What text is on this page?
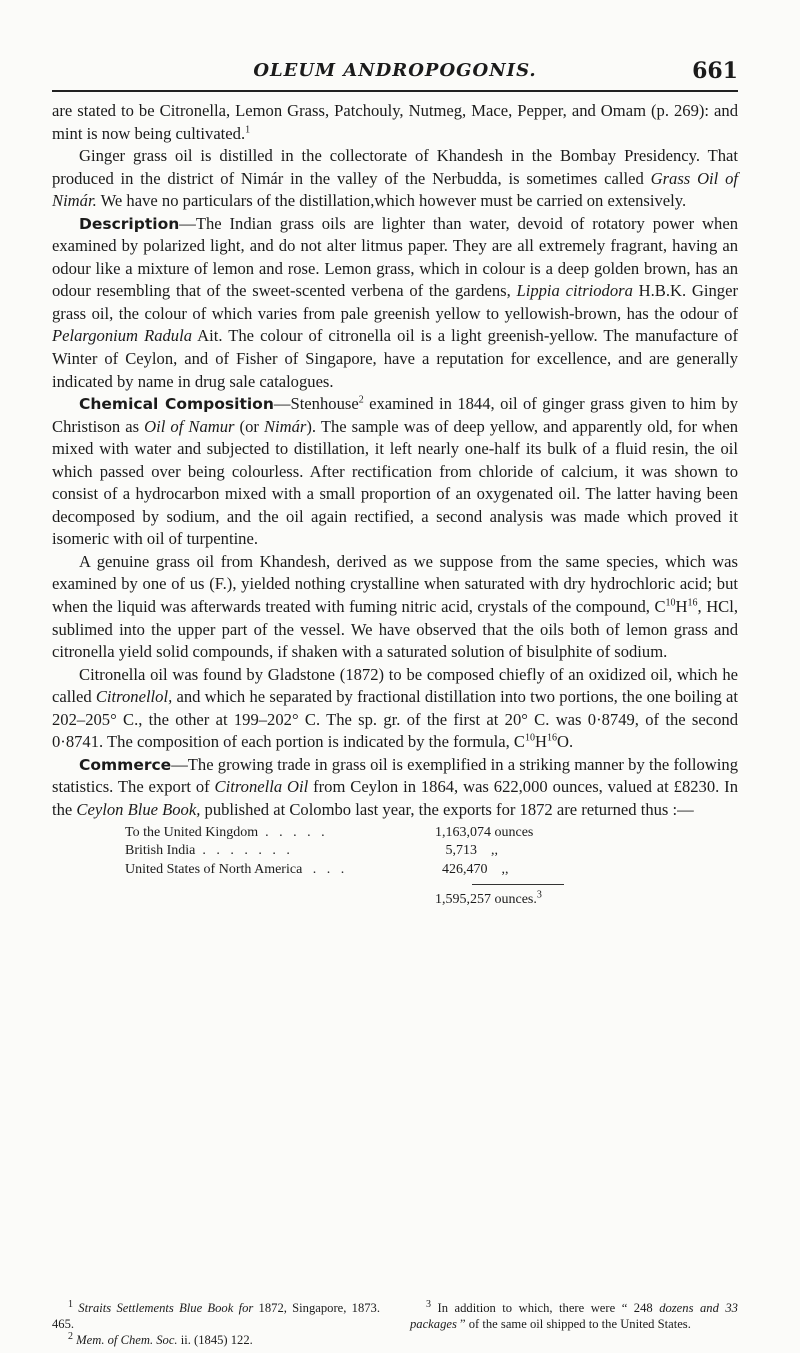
OLEUM ANDROPOGONIS.	661

are stated to be Citronella, Lemon Grass, Patchouly, Nutmeg, Mace, Pepper, and Omam (p. 269): and mint is now being cultivated.$^1$

Ginger grass oil is distilled in the collectorate of Khandesh in the Bombay Presidency. That produced in the district of Nimár in the valley of the Nerbudda, is sometimes called Grass Oil of Nimár. We have no particulars of the distillation,which however must be carried on extensively.

Description—The Indian grass oils are lighter than water, devoid of rotatory power when examined by polarized light, and do not alter litmus paper. They are all extremely fragrant, having an odour like a mixture of lemon and rose. Lemon grass, which in colour is a deep golden brown, has an odour resembling that of the sweet-scented verbena of the gardens, Lippia citriodora H.B.K. Ginger grass oil, the colour of which varies from pale greenish yellow to yellowish-brown, has the odour of Pelargonium Radula Ait. The colour of citronella oil is a light greenish-yellow. The manufacture of Winter of Ceylon, and of Fisher of Singapore, have a reputation for excellence, and are generally indicated by name in drug sale catalogues.

Chemical Composition—Stenhouse$^2$ examined in 1844, oil of ginger grass given to him by Christison as Oil of Namur (or Nimár). The sample was of deep yellow, and apparently old, for when mixed with water and subjected to distillation, it left nearly one-half its bulk of a fluid resin, the oil which passed over being colourless. After rectification from chloride of calcium, it was shown to consist of a hydrocarbon mixed with a small proportion of an oxygenated oil. The latter having been decomposed by sodium, and the oil again rectified, a second analysis was made which proved it isomeric with oil of turpentine.

A genuine grass oil from Khandesh, derived as we suppose from the same species, which was examined by one of us (F.), yielded nothing crystalline when saturated with dry hydrochloric acid; but when the liquid was afterwards treated with fuming nitric acid, crystals of the compound, $C^{10}H^{16}$, HCl, sublimed into the upper part of the vessel. We have observed that the oils both of lemon grass and citronella yield solid compounds, if shaken with a saturated solution of bisulphite of sodium.

Citronella oil was found by Gladstone (1872) to be composed chiefly of an oxidized oil, which he called Citronellol, and which he separated by fractional distillation into two portions, the one boiling at 202–205° C., the other at 199–202° C. The sp. gr. of the first at 20° C. was 0·8749, of the second 0·8741. The composition of each portion is indicated by the formula, $C^{10}H^{16}O$.

Commerce—The growing trade in grass oil is exemplified in a striking manner by the following statistics. The export of Citronella Oil from Ceylon in 1864, was 622,000 ounces, valued at £8230. In the Ceylon Blue Book, published at Colombo last year, the exports for 1872 are returned thus :—

To the United Kingdom  .   .   .   .   .	1,163,074 ounces
British India  .   .   .   .   .   .   .	5,713    ,,
United States of North America   .   .   .	426,470    ,,
1,595,257 ounces.$^3$

$^1$ Straits Settlements Blue Book for 1872, Singapore, 1873. 465.

$^2$ Mem. of Chem. Soc. ii. (1845) 122.

$^3$ In addition to which, there were “ 248 dozens and 33 packages ” of the same oil shipped to the United States.
